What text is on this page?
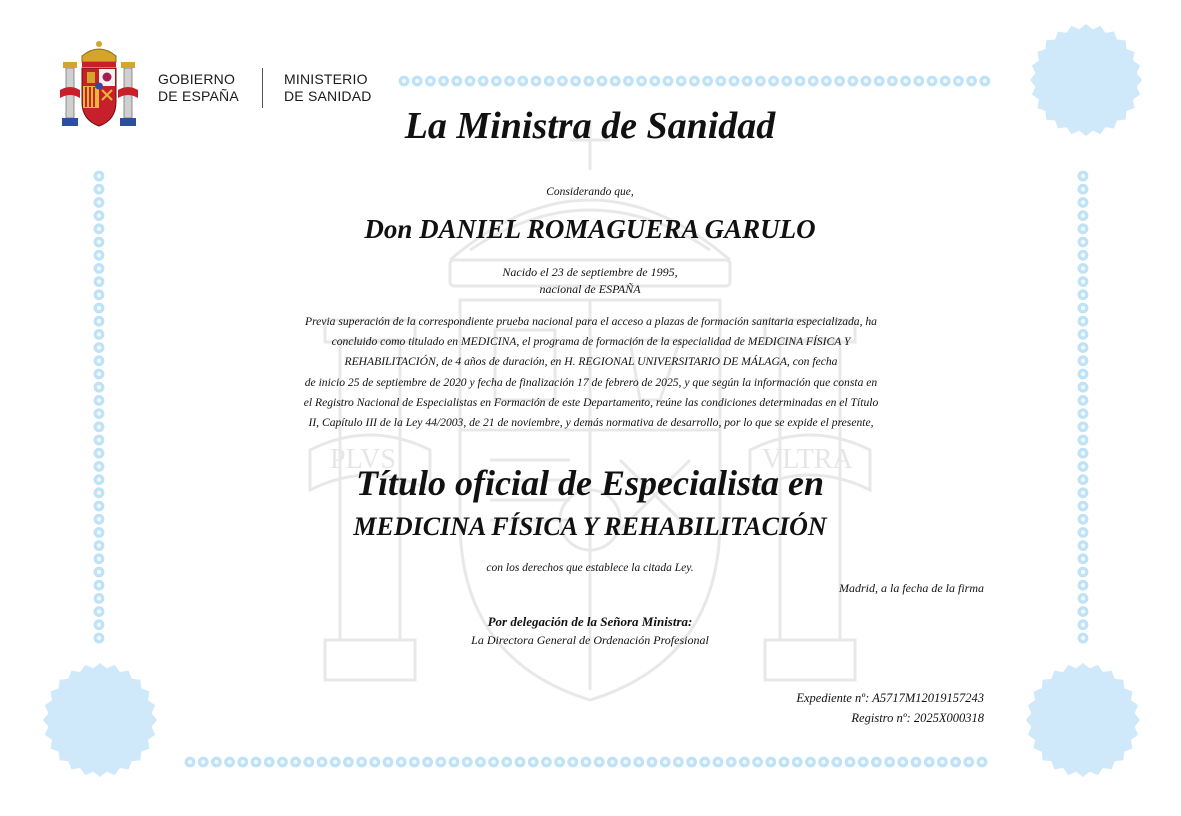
PLVS	VLTRA
GOBIERNO
DE ESPAÑA
MINISTERIO
DE SANIDAD
La Ministra de Sanidad
Considerando que,
Don DANIEL ROMAGUERA GARULO
Nacido el 23 de septiembre de 1995,
nacional de ESPAÑA
Previa superación de la correspondiente prueba nacional para el acceso a plazas de formación sanitaria especializada, ha
concluido como titulado en MEDICINA, el programa de formación de la especialidad de MEDICINA FÍSICA Y
REHABILITACIÓN, de 4 años de duración, en H. REGIONAL UNIVERSITARIO DE MÁLAGA, con fecha
de inicio 25 de septiembre de 2020 y fecha de finalización 17 de febrero de 2025, y que según la información que consta en
el Registro Nacional de Especialistas en Formación de este Departamento, reúne las condiciones determinadas en el Título
II, Capítulo III de la Ley 44/2003, de 21 de noviembre, y demás normativa de desarrollo, por lo que se expide el presente,
Título oficial de Especialista en
MEDICINA FÍSICA Y REHABILITACIÓN
con los derechos que establece la citada Ley.
Madrid, a la fecha de la firma
Por delegación de la Señora Ministra:
La Directora General de Ordenación Profesional
Expediente nº: A5717M12019157243
Registro nº: 2025X000318
